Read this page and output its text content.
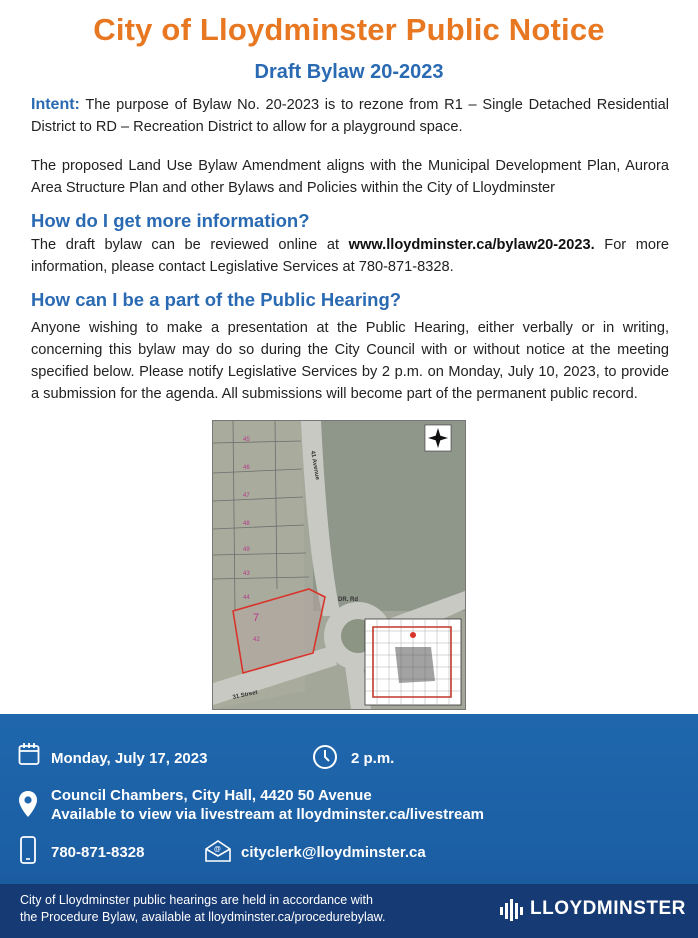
City of Lloydminster Public Notice
Draft Bylaw 20-2023
Intent: The purpose of Bylaw No. 20-2023 is to rezone from R1 – Single Detached Residential District to RD – Recreation District to allow for a playground space.
The proposed Land Use Bylaw Amendment aligns with the Municipal Development Plan, Aurora Area Structure Plan and other Bylaws and Policies within the City of Lloydminster
How do I get more information?
The draft bylaw can be reviewed online at www.lloydminster.ca/bylaw20-2023. For more information, please contact Legislative Services at 780-871-8328.
How can I be a part of the Public Hearing?
Anyone wishing to make a presentation at the Public Hearing, either verbally or in writing, concerning this bylaw may do so during the City Council with or without notice at the meeting specified below. Please notify Legislative Services by 2 p.m. on Monday, July 10, 2023, to provide a submission for the agenda. All submissions will become part of the permanent public record.
45
46
47
48
49
43
44
42
7
41 Avenue
31 Street
DR. Rd
Monday, July 17, 2023	2 p.m.
Council Chambers, City Hall, 4420 50 Avenue
Available to view via livestream at lloydminster.ca/livestream
780-871-8328	@ cityclerk@lloydminster.ca
City of Lloydminster public hearings are held in accordance with
the Procedure Bylaw, available at lloydminster.ca/procedurebylaw.	LLOYDMINSTER
